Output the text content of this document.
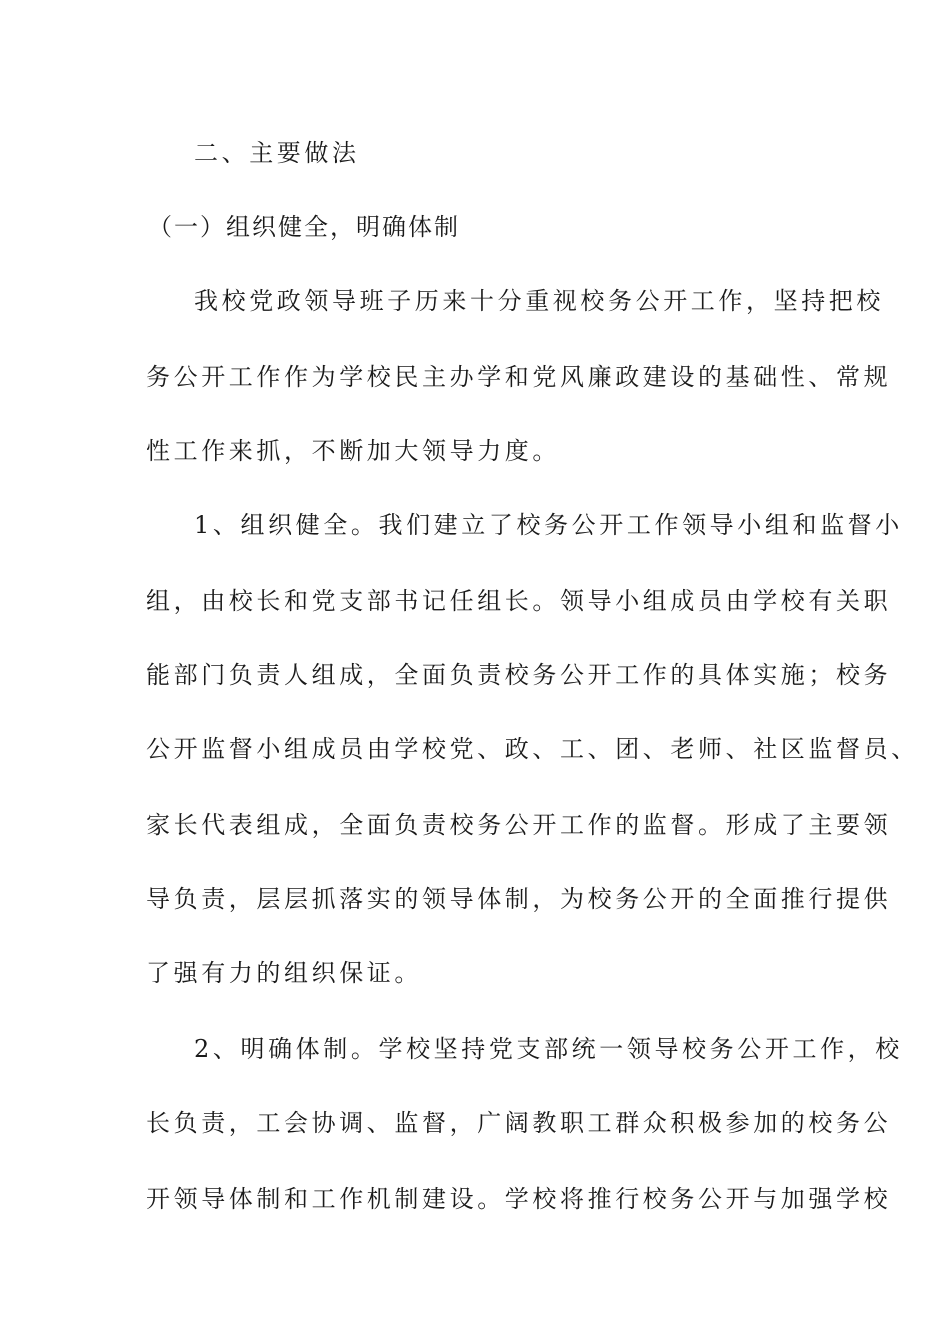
二、主要做法
（一）组织健全，明确体制
我校党政领导班子历来十分重视校务公开工作，坚持把校
务公开工作作为学校民主办学和党风廉政建设的基础性、常规
性工作来抓，不断加大领导力度。
1、组织健全。我们建立了校务公开工作领导小组和监督小
组，由校长和党支部书记任组长。领导小组成员由学校有关职
能部门负责人组成，全面负责校务公开工作的具体实施；校务
公开监督小组成员由学校党、政、工、团、老师、社区监督员、
家长代表组成，全面负责校务公开工作的监督。形成了主要领
导负责，层层抓落实的领导体制，为校务公开的全面推行提供
了强有力的组织保证。
2、明确体制。学校坚持党支部统一领导校务公开工作，校
长负责，工会协调、监督，广阔教职工群众积极参加的校务公
开领导体制和工作机制建设。学校将推行校务公开与加强学校
